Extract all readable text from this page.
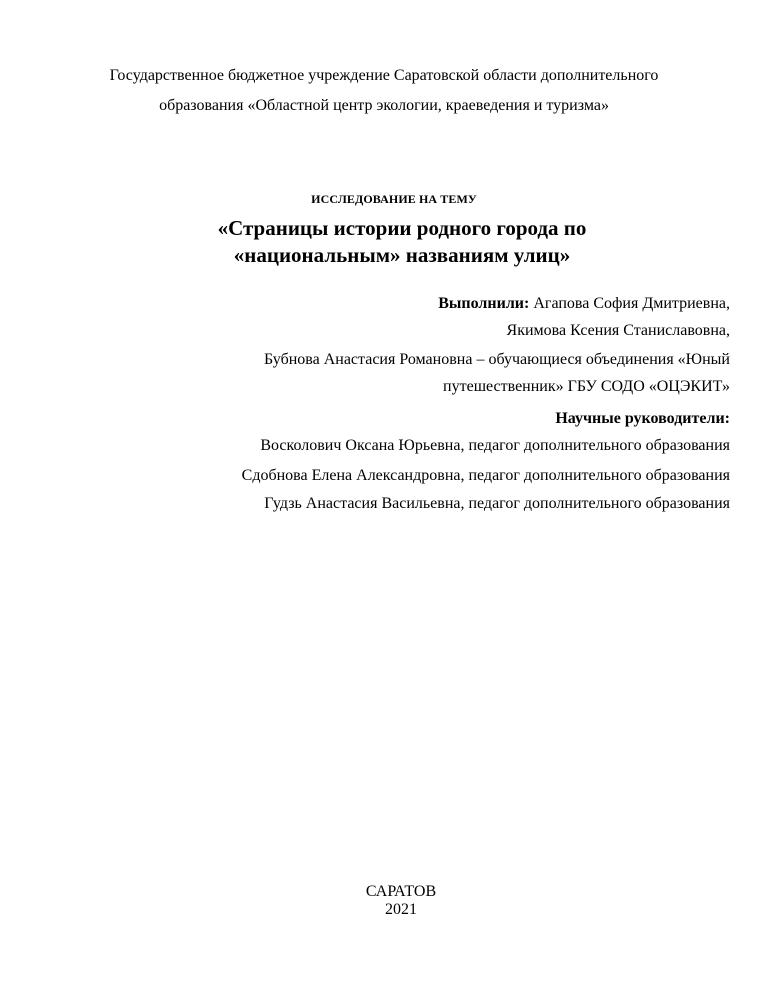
Государственное бюджетное учреждение Саратовской области дополнительного
образования «Областной центр экологии, краеведения и туризма»
ИССЛЕДОВАНИЕ НА ТЕМУ
«Страницы истории родного города по
«национальным» названиям улиц»
Выполнили: Агапова София Дмитриевна,
Якимова Ксения Станиславовна,
Бубнова Анастасия Романовна – обучающиеся объединения «Юный
путешественник» ГБУ СОДО «ОЦЭКИТ»
Научные руководители:
Восколович Оксана Юрьевна, педагог дополнительного образования
Сдобнова Елена Александровна, педагог дополнительного образования
Гудзь Анастасия Васильевна, педагог дополнительного образования
САРАТОВ
2021
